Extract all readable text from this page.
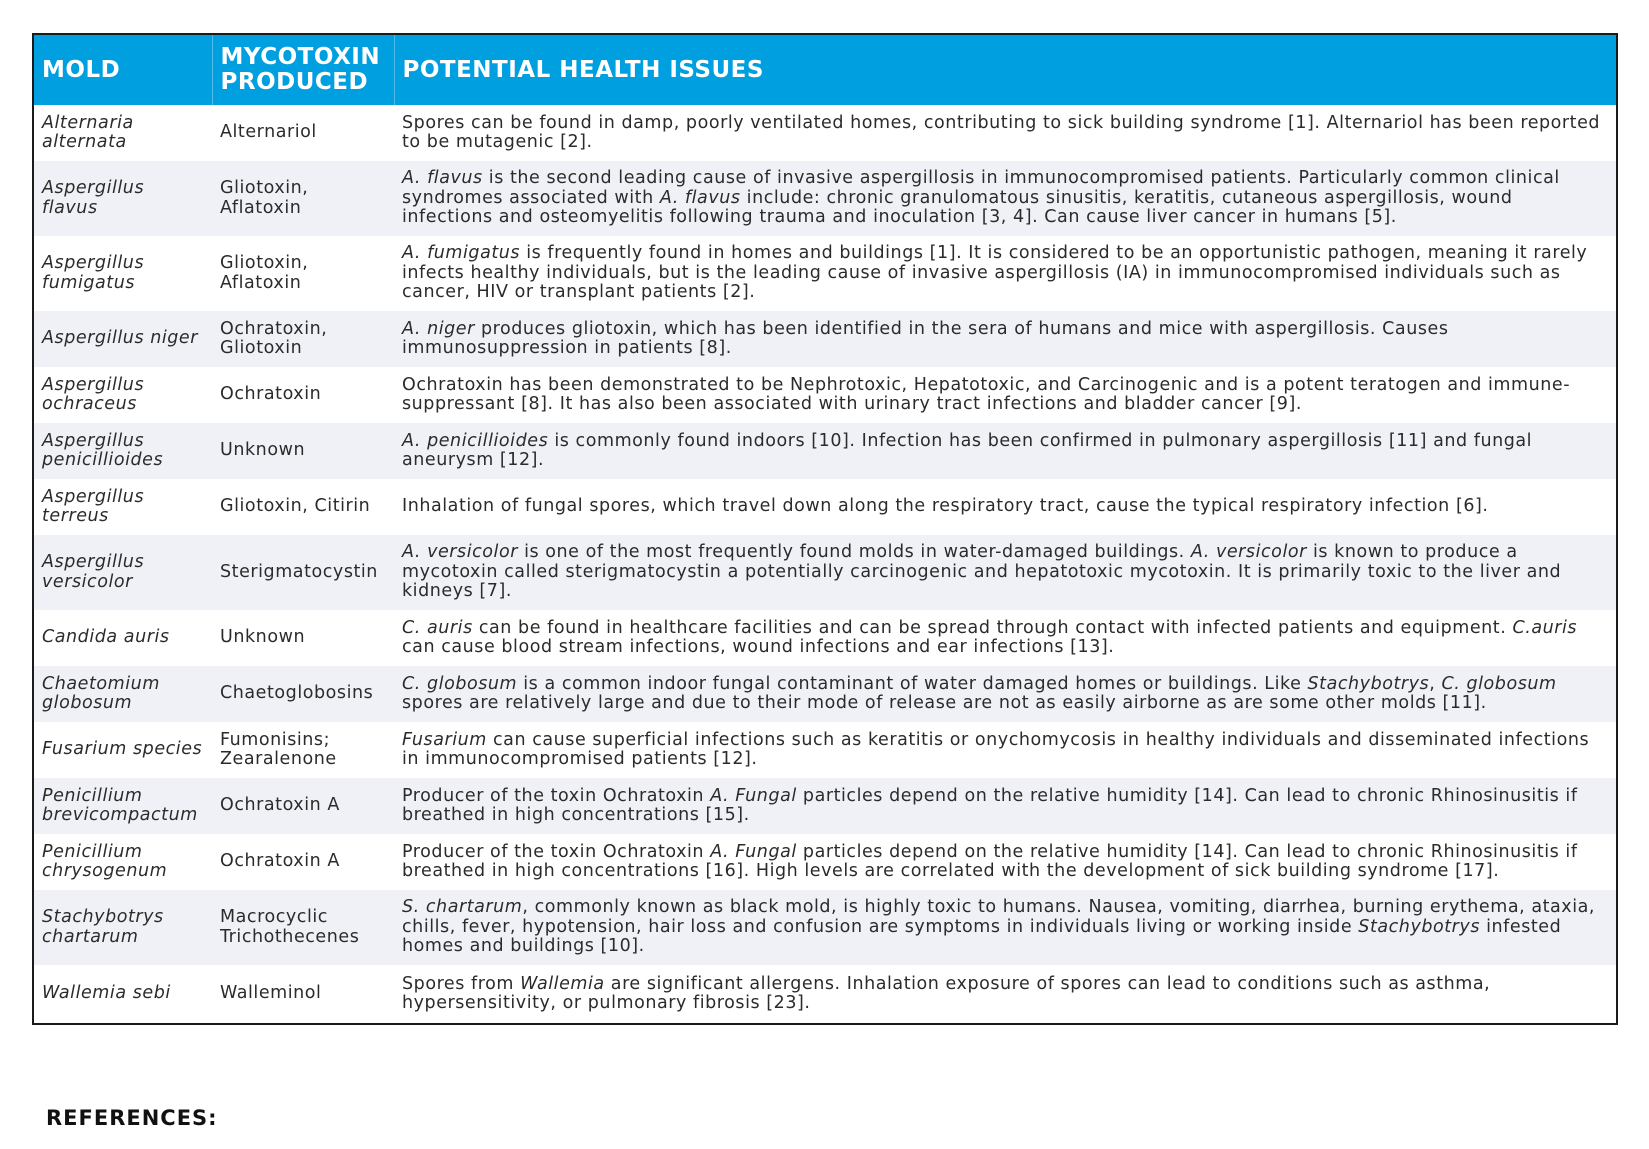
MOLD	MYCOTOXIN PRODUCED	POTENTIAL HEALTH ISSUES
Alternaria alternata	Alternariol	Spores can be found in damp, poorly ventilated homes, contributing to sick building syndrome [1]. Alternariol has been reported to be mutagenic [2].
Aspergillus flavus	Gliotoxin, Aflatoxin	A. flavus is the second leading cause of invasive aspergillosis in immunocompromised patients. Particularly common clinical syndromes associated with A. flavus include: chronic granulomatous sinusitis, keratitis, cutaneous aspergillosis, wound infections and osteomyelitis following trauma and inoculation [3, 4]. Can cause liver cancer in humans [5].
Aspergillus fumigatus	Gliotoxin, Aflatoxin	A. fumigatus is frequently found in homes and buildings [1]. It is considered to be an opportunistic pathogen, meaning it rarely infects healthy individuals, but is the leading cause of invasive aspergillosis (IA) in immunocompromised individuals such as cancer, HIV or transplant patients [2].
Aspergillus niger	Ochratoxin, Gliotoxin	A. niger produces gliotoxin, which has been identified in the sera of humans and mice with aspergillosis. Causes immunosuppression in patients [8].
Aspergillus ochraceus	Ochratoxin	Ochratoxin has been demonstrated to be Nephrotoxic, Hepatotoxic, and Carcinogenic and is a potent teratogen and immune-suppressant [8]. It has also been associated with urinary tract infections and bladder cancer [9].
Aspergillus penicillioides	Unknown	A. penicillioides is commonly found indoors [10]. Infection has been confirmed in pulmonary aspergillosis [11] and fungal aneurysm [12].
Aspergillus terreus	Gliotoxin, Citirin	Inhalation of fungal spores, which travel down along the respiratory tract, cause the typical respiratory infection [6].
Aspergillus versicolor	Sterigmatocystin	A. versicolor is one of the most frequently found molds in water-damaged buildings. A. versicolor is known to produce a mycotoxin called sterigmatocystin a potentially carcinogenic and hepatotoxic mycotoxin. It is primarily toxic to the liver and kidneys [7].
Candida auris	Unknown	C. auris can be found in healthcare facilities and can be spread through contact with infected patients and equipment. C.auris can cause blood stream infections, wound infections and ear infections [13].
Chaetomium globosum	Chaetoglobosins	C. globosum is a common indoor fungal contaminant of water damaged homes or buildings. Like Stachybotrys, C. globosum spores are relatively large and due to their mode of release are not as easily airborne as are some other molds [11].
Fusarium species	Fumonisins; Zearalenone	Fusarium can cause superficial infections such as keratitis or onychomycosis in healthy individuals and disseminated infections in immunocompromised patients [12].
Penicillium brevicompactum	Ochratoxin A	Producer of the toxin Ochratoxin A. Fungal particles depend on the relative humidity [14]. Can lead to chronic Rhinosinusitis if breathed in high concentrations [15].
Penicillium chrysogenum	Ochratoxin A	Producer of the toxin Ochratoxin A. Fungal particles depend on the relative humidity [14]. Can lead to chronic Rhinosinusitis if breathed in high concentrations [16]. High levels are correlated with the development of sick building syndrome [17].
Stachybotrys chartarum	Macrocyclic Trichothecenes	S. chartarum, commonly known as black mold, is highly toxic to humans. Nausea, vomiting, diarrhea, burning erythema, ataxia, chills, fever, hypotension, hair loss and confusion are symptoms in individuals living or working inside Stachybotrys infested homes and buildings [10].
Wallemia sebi	Walleminol	Spores from Wallemia are significant allergens. Inhalation exposure of spores can lead to conditions such as asthma, hypersensitivity, or pulmonary fibrosis [23].
REFERENCES:
